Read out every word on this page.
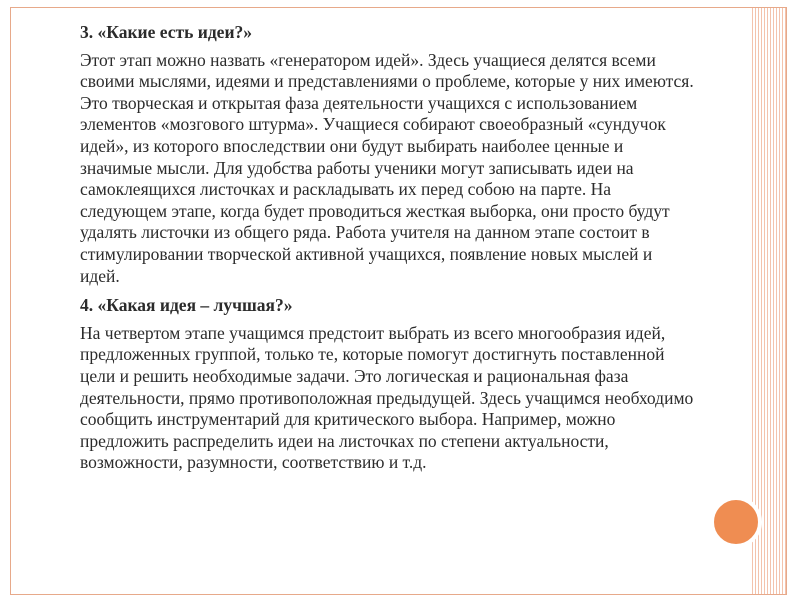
3. «Какие есть идеи?»
Этот этап можно назвать «генератором идей». Здесь учащиеся делятся всеми своими мыслями, идеями и представлениями о проблеме, которые у них имеются. Это творческая и открытая фаза деятельности учащихся с использованием элементов «мозгового штурма». Учащиеся собирают своеобразный «сундучок идей», из которого впоследствии они будут выбирать наиболее ценные и значимые мысли. Для удобства работы ученики могут записывать идеи на самоклеящихся листочках и раскладывать их перед собою на парте. На следующем этапе, когда будет проводиться жесткая выборка, они просто будут удалять листочки из общего ряда. Работа учителя на данном этапе состоит в стимулировании творческой активной учащихся, появление новых мыслей и идей.
4. «Какая идея – лучшая?»
На четвертом этапе учащимся предстоит выбрать из всего многообразия идей, предложенных группой, только те, которые помогут достигнуть поставленной цели и решить необходимые задачи. Это логическая и рациональная фаза деятельности, прямо противоположная предыдущей. Здесь учащимся необходимо сообщить инструментарий для критического выбора. Например, можно предложить распределить идеи на листочках по степени актуальности, возможности, разумности, соответствию и т.д.
